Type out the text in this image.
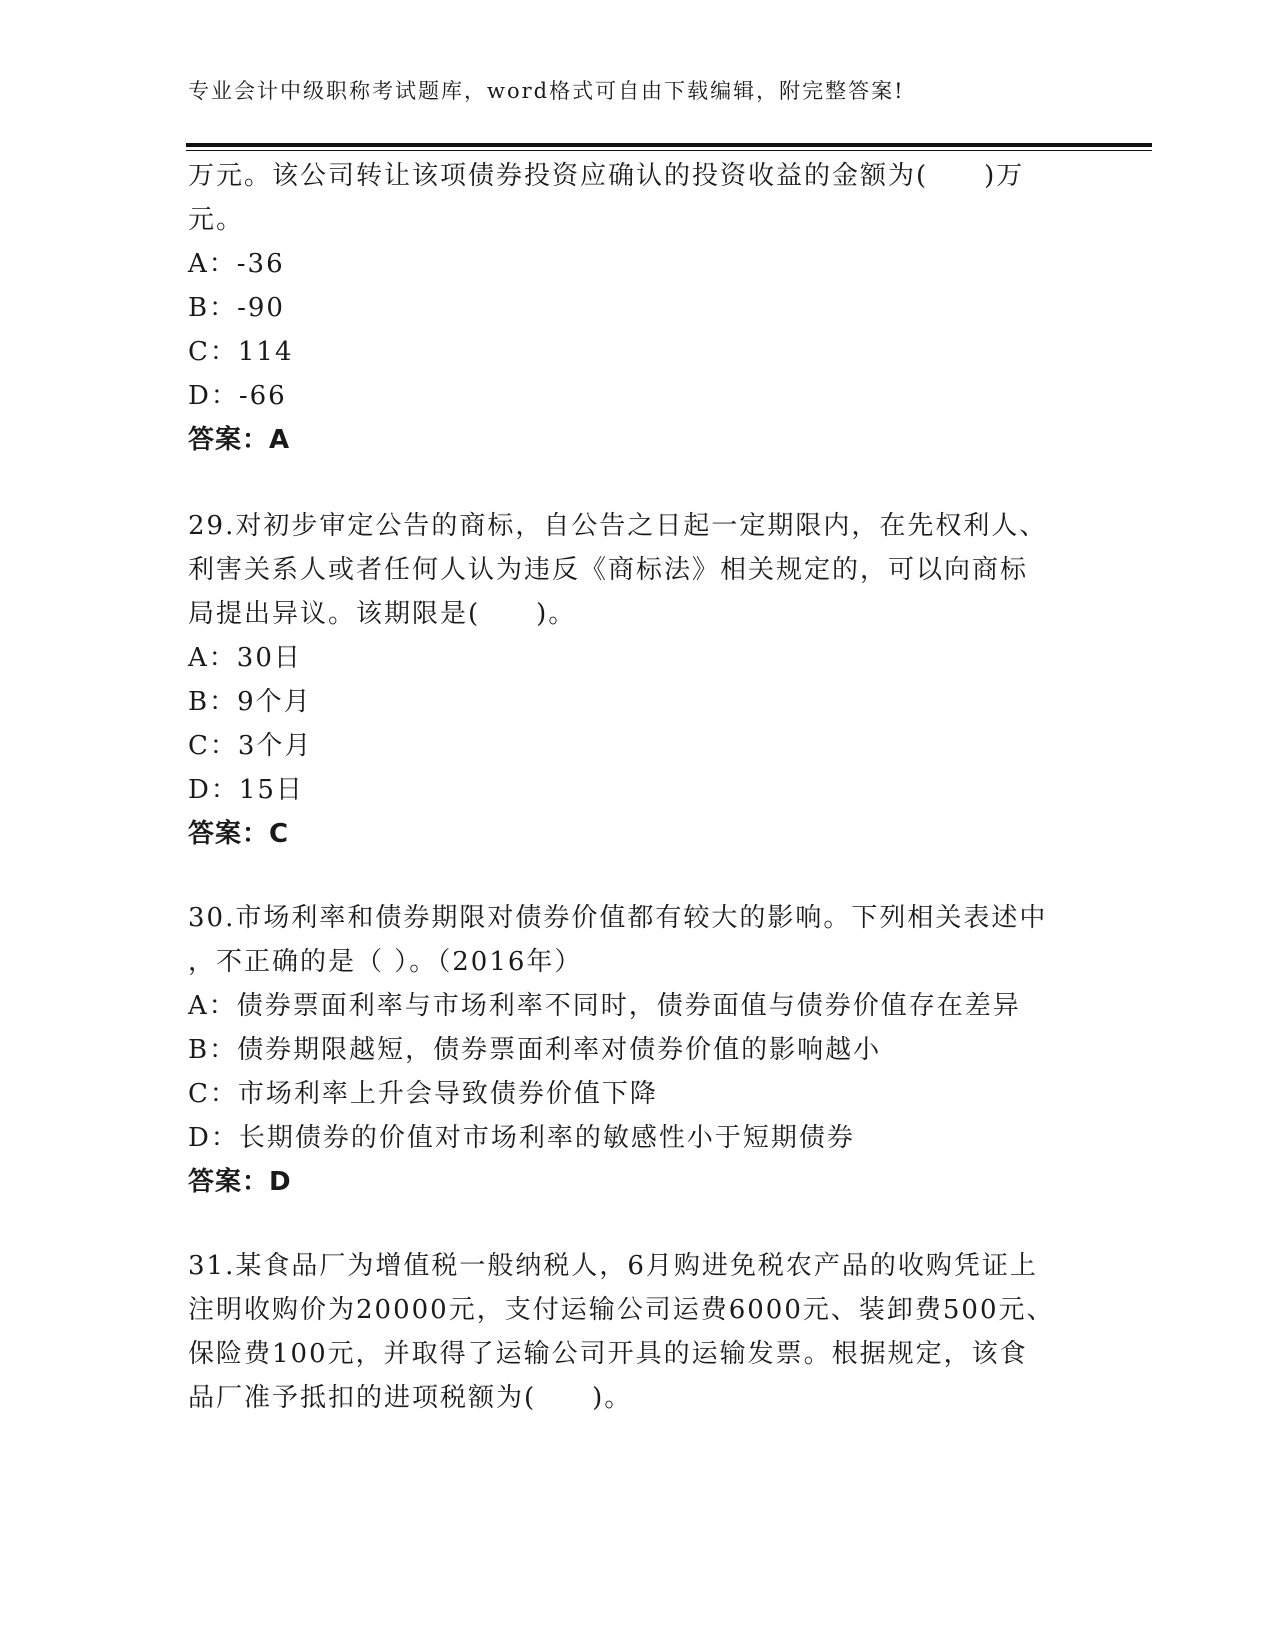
专业会计中级职称考试题库，word格式可自由下载编辑，附完整答案!
万元。该公司转让该项债券投资应确认的投资收益的金额为(　　)万
元。
A：-36
B：-90
C：114
D：-66
答案：A
29.对初步审定公告的商标，自公告之日起一定期限内，在先权利人、
利害关系人或者任何人认为违反《商标法》相关规定的，可以向商标
局提出异议。该期限是(　　)。
A：30日
B：9个月
C：3个月
D：15日
答案：C
30.市场利率和债券期限对债券价值都有较大的影响。下列相关表述中
，不正确的是（ ）。（2016年）
A：债券票面利率与市场利率不同时，债券面值与债券价值存在差异
B：债券期限越短，债券票面利率对债券价值的影响越小
C：市场利率上升会导致债券价值下降
D：长期债券的价值对市场利率的敏感性小于短期债券
答案：D
31.某食品厂为增值税一般纳税人，6月购进免税农产品的收购凭证上
注明收购价为20000元，支付运输公司运费6000元、装卸费500元、
保险费100元，并取得了运输公司开具的运输发票。根据规定，该食
品厂准予抵扣的进项税额为(　　)。
